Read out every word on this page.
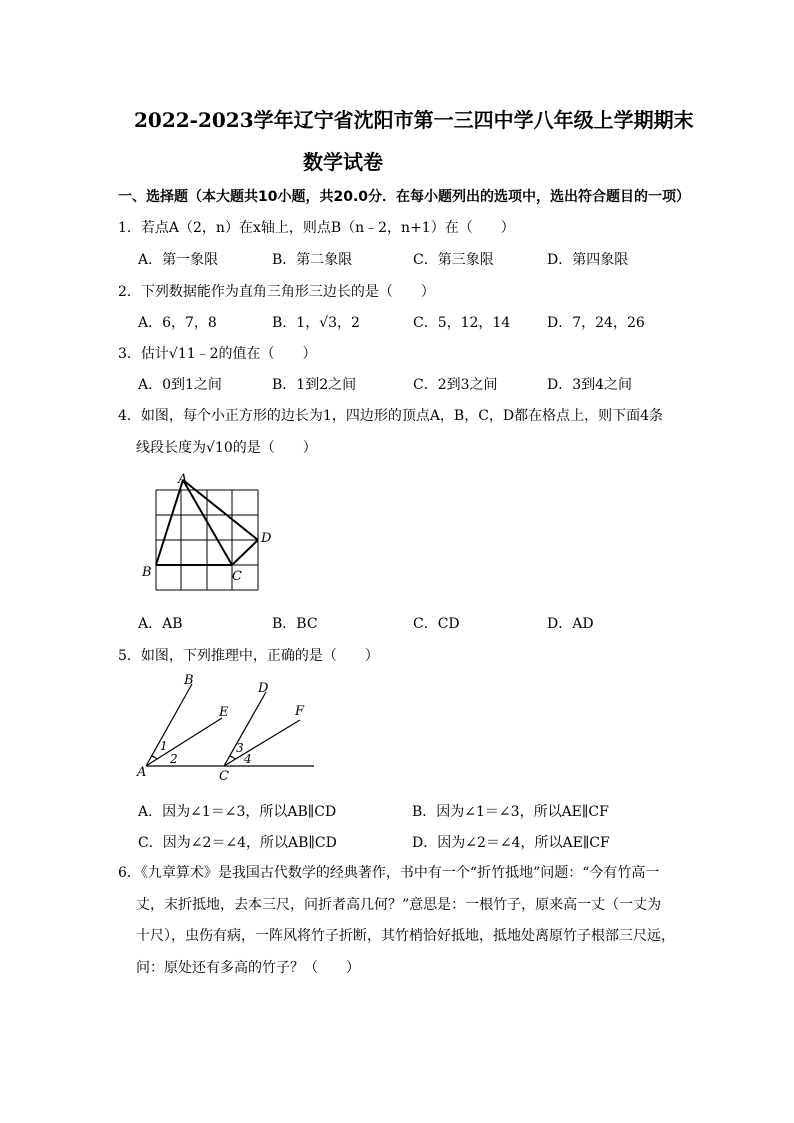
2022-2023学年辽宁省沈阳市第一三四中学八年级上学期期末
数学试卷
一、选择题（本大题共10小题，共20.0分．在每小题列出的选项中，选出符合题目的一项）
1．若点A（2，n）在x轴上，则点B（n﹣2，n+1）在（　　）
A．第一象限	B．第二象限	C．第三象限	D．第四象限
2．下列数据能作为直角三角形三边长的是（　　）
A．6，7，8	B．1，√3，2	C．5，12，14	D．7，24，26
3．估计√11﹣2的值在（　　）
A．0到1之间	B．1到2之间	C．2到3之间	D．3到4之间
4．如图，每个小正方形的边长为1，四边形的顶点A，B，C，D都在格点上，则下面4条
线段长度为√10的是（　　）
A
B	C
D
A．AB	B．BC	C．CD	D．AD
5．如图，下列推理中，正确的是（　　）
B
E
D
F
A	C
1
2
3
4
A．因为∠1＝∠3，所以AB∥CD	B．因为∠1＝∠3，所以AE∥CF
C．因为∠2＝∠4，所以AB∥CD	D．因为∠2＝∠4，所以AE∥CF
6．《九章算术》是我国古代数学的经典著作，书中有一个“折竹抵地”问题：“今有竹高一
丈，末折抵地，去本三尺，问折者高几何？”意思是：一根竹子，原来高一丈（一丈为
十尺），虫伤有病，一阵风将竹子折断，其竹梢恰好抵地，抵地处离原竹子根部三尺远，
问：原处还有多高的竹子？（　　）
